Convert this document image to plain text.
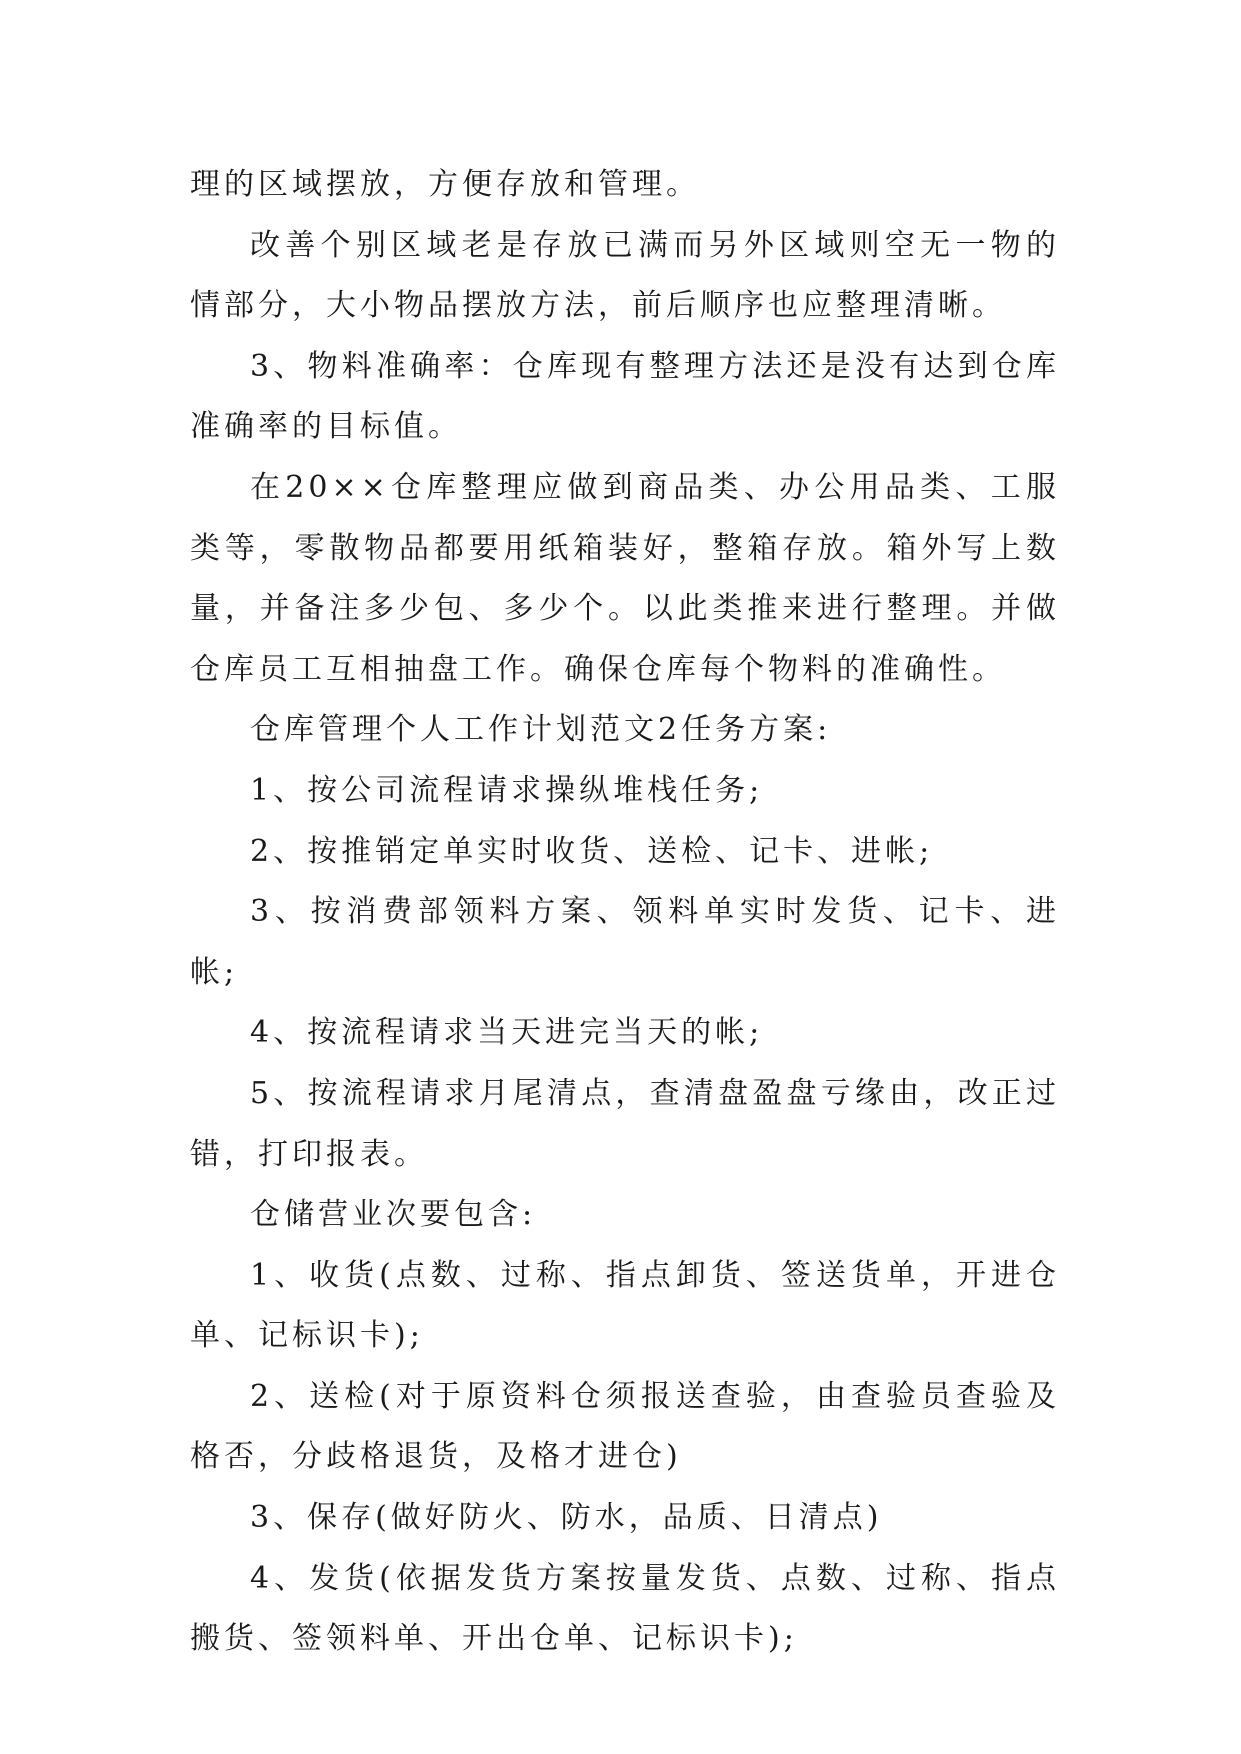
理的区域摆放，方便存放和管理。

改善个别区域老是存放已满而另外区域则空无一物的情部分，大小物品摆放方法，前后顺序也应整理清晰。

3、物料准确率：仓库现有整理方法还是没有达到仓库准确率的目标值。

在20××仓库整理应做到商品类、办公用品类、工服类等，零散物品都要用纸箱装好，整箱存放。箱外写上数量，并备注多少包、多少个。以此类推来进行整理。并做仓库员工互相抽盘工作。确保仓库每个物料的准确性。

仓库管理个人工作计划范文2任务方案:

1、按公司流程请求操纵堆栈任务;

2、按推销定单实时收货、送检、记卡、进帐;

3、按消费部领料方案、领料单实时发货、记卡、进帐;

4、按流程请求当天进完当天的帐;

5、按流程请求月尾清点，查清盘盈盘亏缘由，改正过错，打印报表。

仓储营业次要包含:

1、收货(点数、过称、指点卸货、签送货单，开进仓单、记标识卡);

2、送检(对于原资料仓须报送查验，由查验员查验及格否，分歧格退货，及格才进仓)

3、保存(做好防火、防水，品质、日清点)

4、发货(依据发货方案按量发货、点数、过称、指点搬货、签领料单、开出仓单、记标识卡);
